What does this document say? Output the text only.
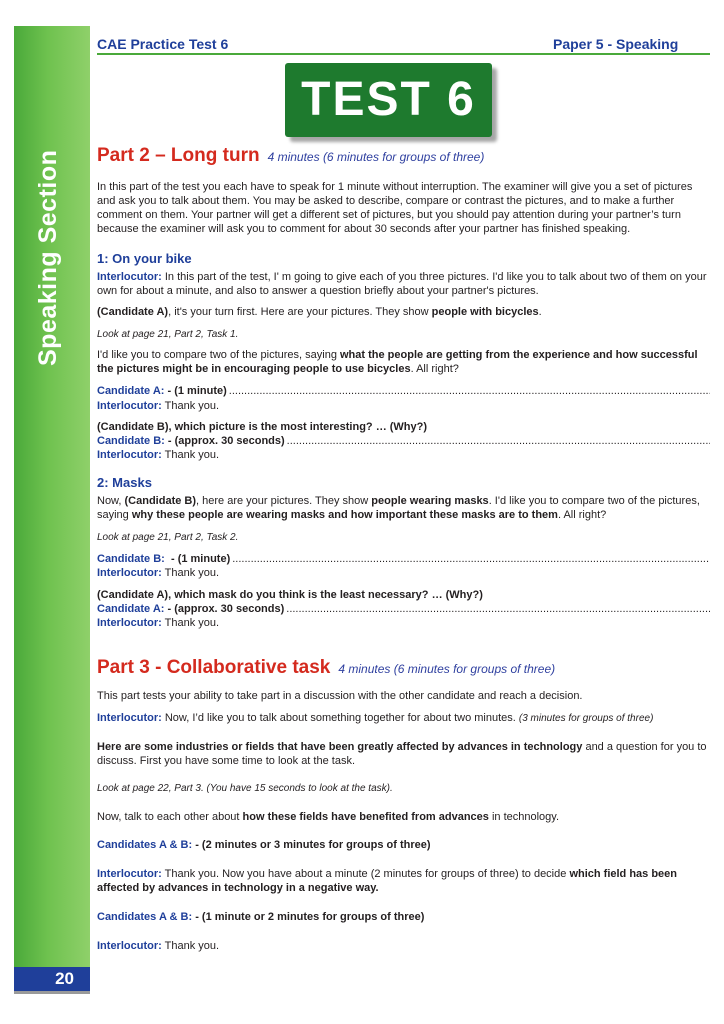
Speaking Section
20
CAE Practice Test 6	Paper 5 - Speaking
TEST 6
Part 2 – Long turn 4 minutes (6 minutes for groups of three)

In this part of the test you each have to speak for 1 minute without interruption. The examiner will give you a set of pictures and ask you to talk about them. You may be asked to describe, compare or contrast the pictures, and to make a further comment on them. Your partner will get a different set of pictures, but you should pay attention during your partner’s turn because the examiner will ask you to comment for about 30 seconds after your partner has finished speaking.

1: On your bike

Interlocutor: In this part of the test, I' m going to give each of you three pictures. I'd like you to talk about two of them on your own for about a minute, and also to answer a question briefly about your partner's pictures.

(Candidate A), it's your turn first. Here are your pictures. They show people with bicycles.

Look at page 21, Part 2, Task 1.

I'd like you to compare two of the pictures, saying what the people are getting from the experience and how successful the pictures might be in encouraging people to use bicycles. All right?

Candidate A:
- (1 minute)
.....

Interlocutor: Thank you.

(Candidate B), which picture is the most interesting? … (Why?)

Candidate B:
- (approx. 30 seconds)
.....

Interlocutor: Thank you.

2: Masks

Now, (Candidate B), here are your pictures. They show people wearing masks. I'd like you to compare two of the pictures, saying why these people are wearing masks and how important these masks are to them. All right?

Look at page 21, Part 2, Task 2.

Candidate B:
- (1 minute)
.....

Interlocutor: Thank you.

(Candidate A), which mask do you think is the least necessary? … (Why?)

Candidate A:
- (approx. 30 seconds)
.....

Interlocutor: Thank you.

Part 3 - Collaborative task 4 minutes (6 minutes for groups of three)

This part tests your ability to take part in a discussion with the other candidate and reach a decision.

Interlocutor: Now, I’d like you to talk about something together for about two minutes. (3 minutes for groups of three)

Here are some industries or fields that have been greatly affected by advances in technology and a question for you to discuss. First you have some time to look at the task.

Look at page 22, Part 3. (You have 15 seconds to look at the task).

Now, talk to each other about how these fields have benefited from advances in technology.

Candidates A & B: - (2 minutes or 3 minutes for groups of three)

Interlocutor: Thank you. Now you have about a minute (2 minutes for groups of three) to decide which field has been affected by advances in technology in a negative way.

Candidates A & B: - (1 minute or 2 minutes for groups of three)

Interlocutor: Thank you.
